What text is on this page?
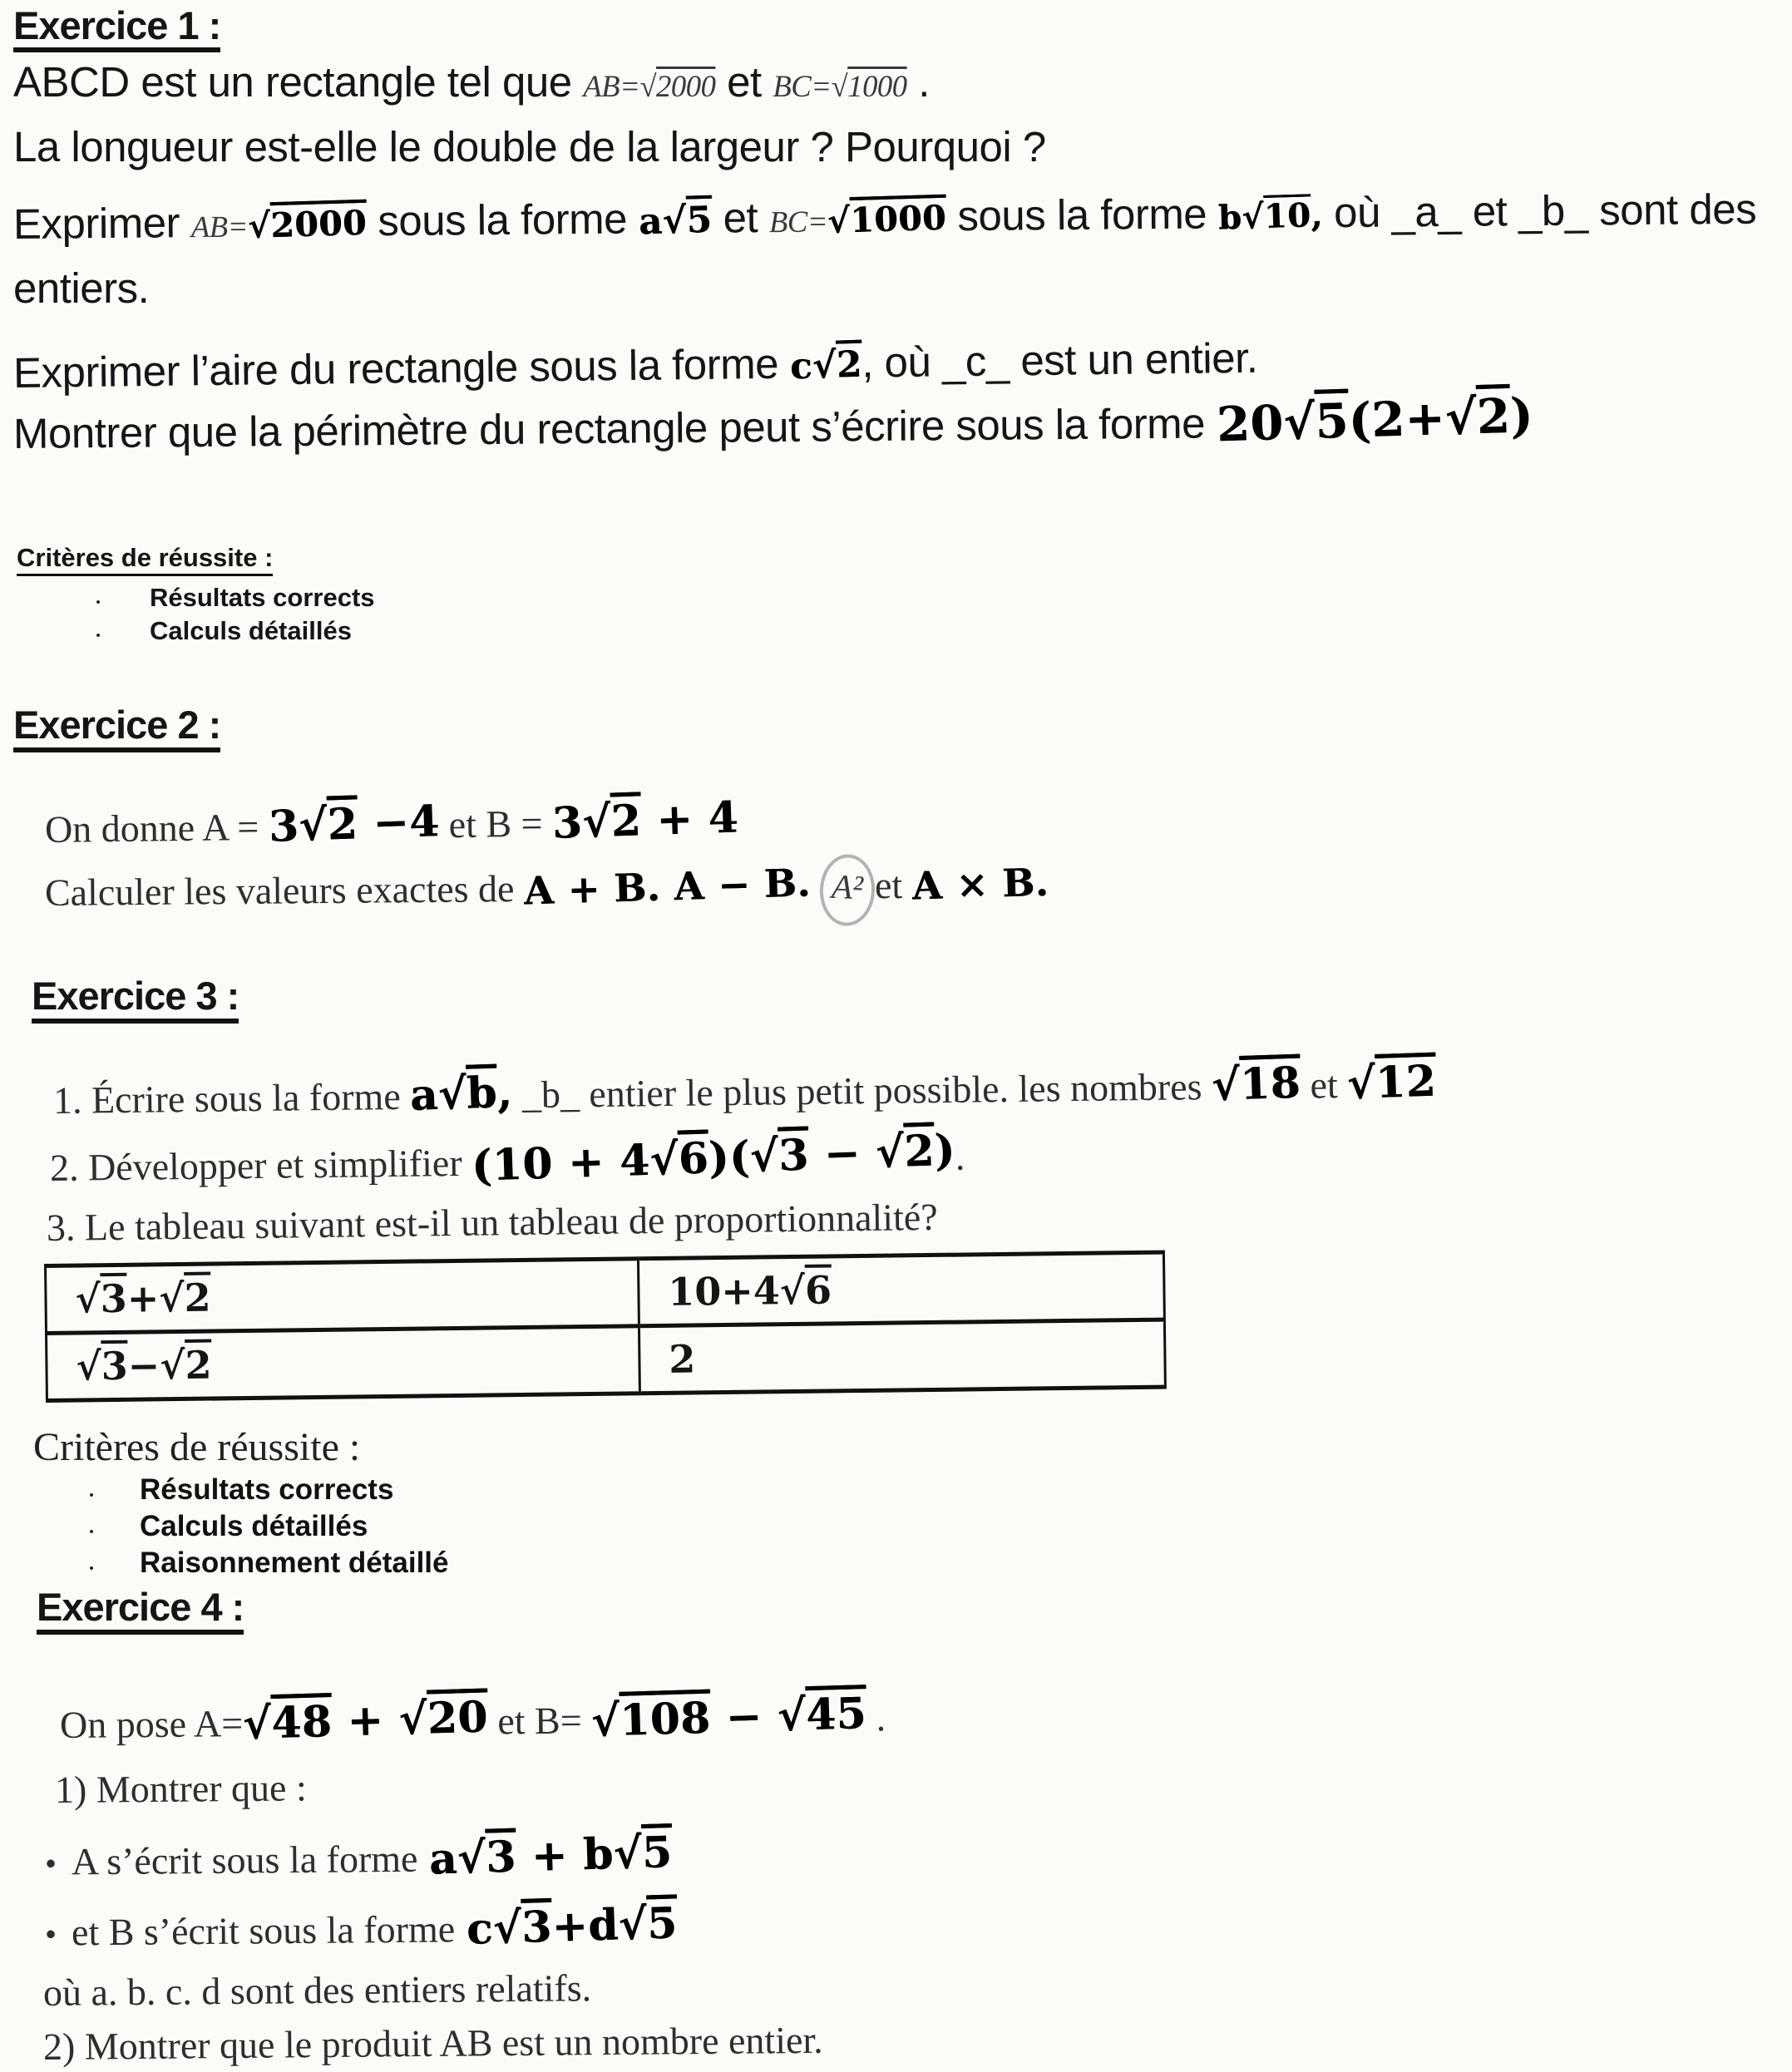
Exercice 1 :

ABCD est un rectangle tel que AB=√2000 et BC=√1000 .

La longueur est-elle le double de la largeur ? Pourquoi ?

Exprimer AB=√2000 sous la forme a√5 et BC=√1000 sous la forme b√10, où _a_ et _b_ sont des

entiers.

Exprimer l’aire du rectangle sous la forme c√2, où _c_ est un entier.

Montrer que la périmètre du rectangle peut s’écrire sous la forme 20√5(2+√2)

Critères de réussite :
•	Résultats corrects
•	Calculs détaillés

Exercice 2 :

On donne A = 3√2 −4 et B = 3√2 + 4

Calculer les valeurs exactes de A + B. A − B. A² et A × B.

Exercice 3 :

1. Écrire sous la forme a√b, _b_ entier le plus petit possible. les nombres √18 et √12

2. Développer et simplifier (10 + 4√6)(√3 − √2).

3. Le tableau suivant est-il un tableau de proportionnalité?

√3+√2	10+4√6
√3−√2	2

Critères de réussite :

•	Résultats corrects
•	Calculs détaillés
•	Raisonnement détaillé

Exercice 4 :

On pose A=√48 + √20 et B= √108 − √45 .

1) Montrer que :

• A s’écrit sous la forme a√3 + b√5

• et B s’écrit sous la forme c√3+d√5

où a. b. c. d sont des entiers relatifs.

2) Montrer que le produit AB est un nombre entier.
